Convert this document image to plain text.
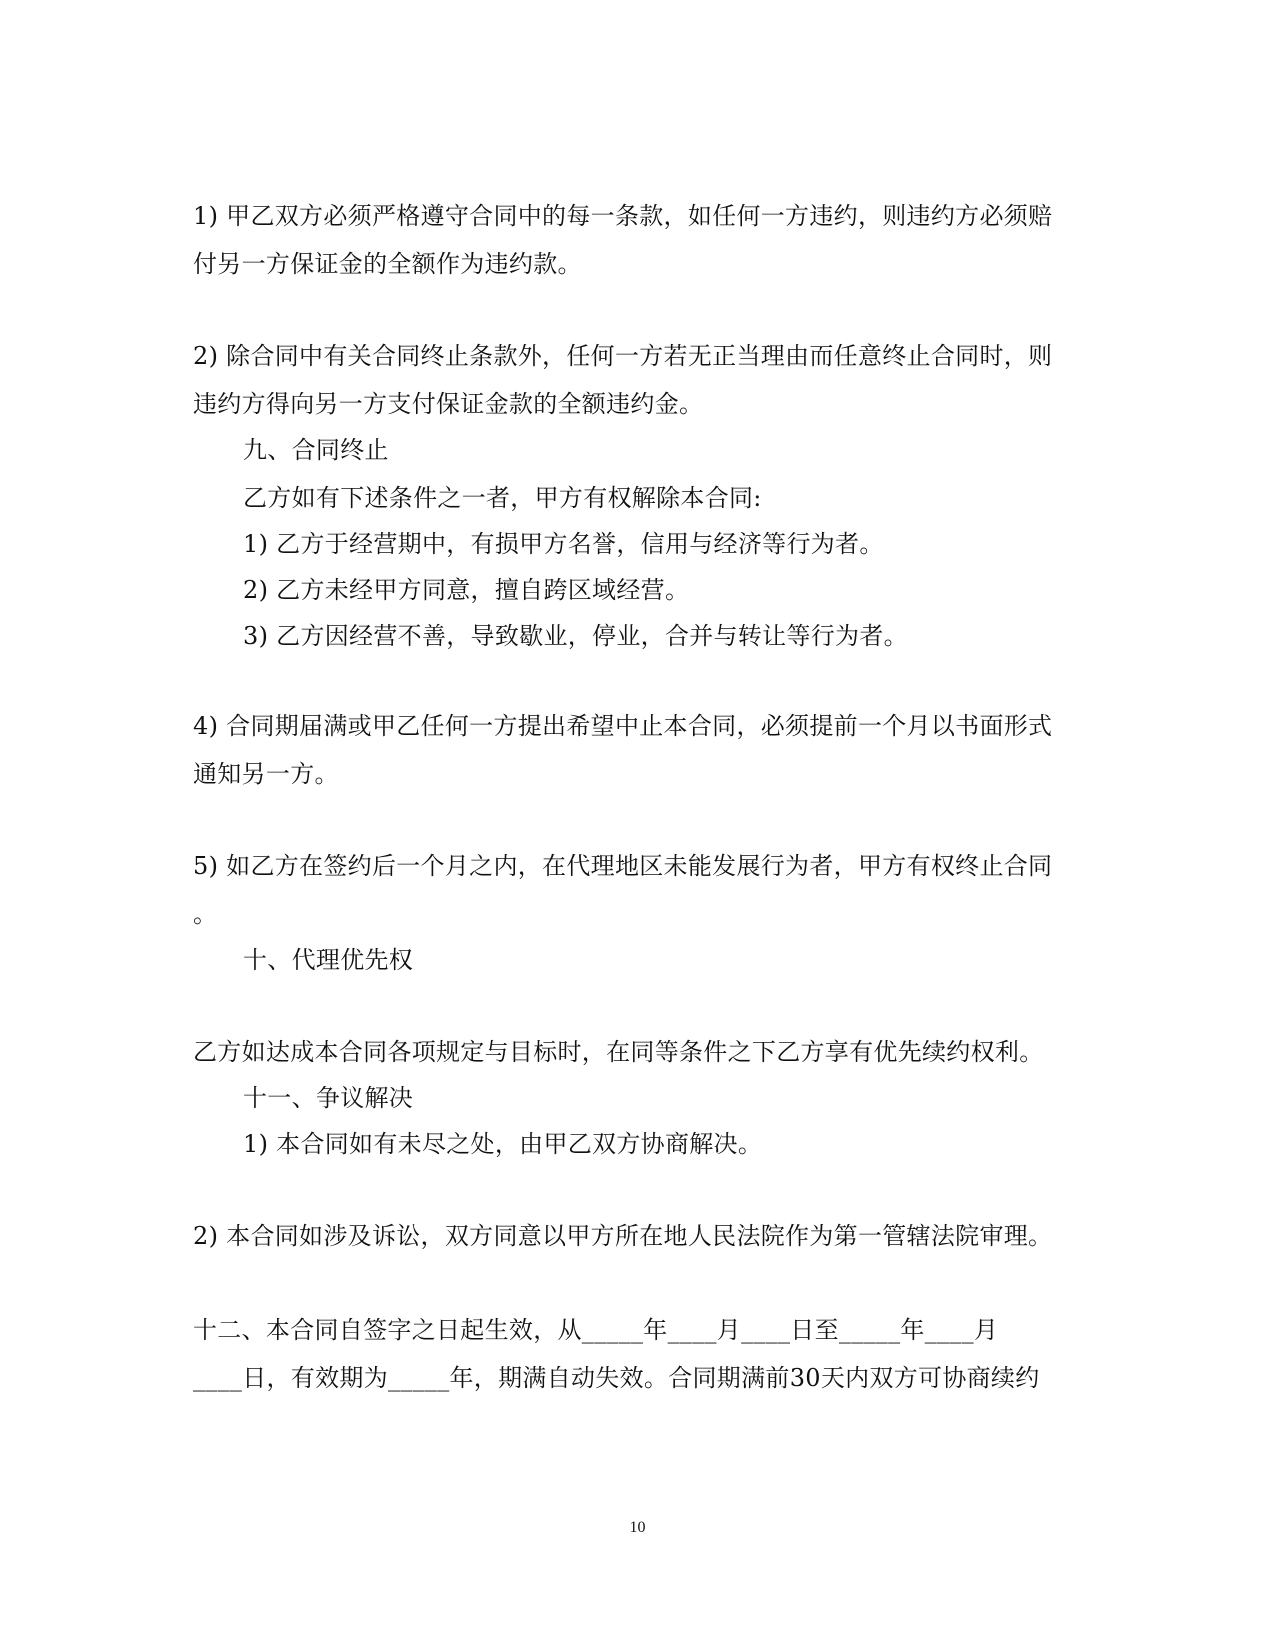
1) 甲乙双方必须严格遵守合同中的每一条款，如任何一方违约，则违约方必须赔
付另一方保证金的全额作为违约款。
2) 除合同中有关合同终止条款外，任何一方若无正当理由而任意终止合同时，则
违约方得向另一方支付保证金款的全额违约金。
九、合同终止
乙方如有下述条件之一者，甲方有权解除本合同:
1) 乙方于经营期中，有损甲方名誉，信用与经济等行为者。
2) 乙方未经甲方同意，擅自跨区域经营。
3) 乙方因经营不善，导致歇业，停业，合并与转让等行为者。
4) 合同期届满或甲乙任何一方提出希望中止本合同，必须提前一个月以书面形式
通知另一方。
5) 如乙方在签约后一个月之内，在代理地区未能发展行为者，甲方有权终止合同
。
十、代理优先权
乙方如达成本合同各项规定与目标时，在同等条件之下乙方享有优先续约权利。
十一、争议解决
1) 本合同如有未尽之处，由甲乙双方协商解决。
2) 本合同如涉及诉讼，双方同意以甲方所在地人民法院作为第一管辖法院审理。
十二、本合同自签字之日起生效，从_____年____月____日至_____年____月
____日，有效期为_____年，期满自动失效。合同期满前30天内双方可协商续约
10
